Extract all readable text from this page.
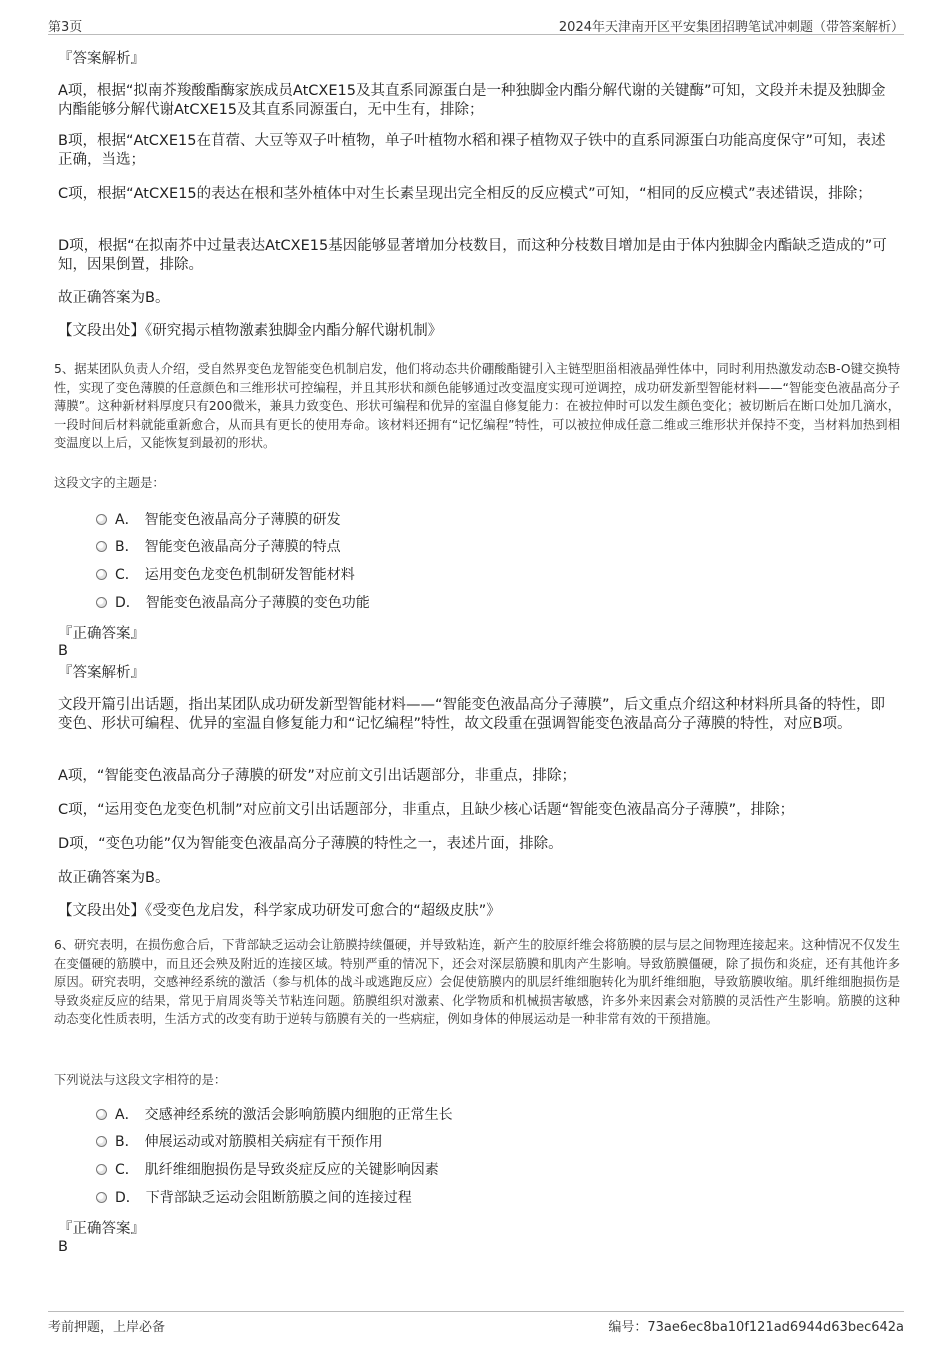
第3页	2024年天津南开区平安集团招聘笔试冲刺题（带答案解析）
『答案解析』
A项，根据“拟南芥羧酸酯酶家族成员AtCXE15及其直系同源蛋白是一种独脚金内酯分解代谢的关键酶”可知，文段并未提及独脚金内酯能够分解代谢AtCXE15及其直系同源蛋白，无中生有，排除；
B项，根据“AtCXE15在苜蓿、大豆等双子叶植物，单子叶植物水稻和裸子植物双子铁中的直系同源蛋白功能高度保守”可知，表述正确，当选；
C项，根据“AtCXE15的表达在根和茎外植体中对生长素呈现出完全相反的反应模式”可知，“相同的反应模式”表述错误，排除；
D项，根据“在拟南芥中过量表达AtCXE15基因能够显著增加分枝数目，而这种分枝数目增加是由于体内独脚金内酯缺乏造成的”可知，因果倒置，排除。
故正确答案为B。
【文段出处】《研究揭示植物激素独脚金内酯分解代谢机制》
5、据某团队负责人介绍，受自然界变色龙智能变色机制启发，他们将动态共价硼酸酯键引入主链型胆甾相液晶弹性体中，同时利用热激发动态B-O键交换特性，实现了变色薄膜的任意颜色和三维形状可控编程，并且其形状和颜色能够通过改变温度实现可逆调控，成功研发新型智能材料——“智能变色液晶高分子薄膜”。这种新材料厚度只有200微米，兼具力致变色、形状可编程和优异的室温自修复能力：在被拉伸时可以发生颜色变化；被切断后在断口处加几滴水，一段时间后材料就能重新愈合，从而具有更长的使用寿命。该材料还拥有“记忆编程”特性，可以被拉伸成任意二维或三维形状并保持不变，当材料加热到相变温度以上后，又能恢复到最初的形状。
这段文字的主题是：
A． 智能变色液晶高分子薄膜的研发
B． 智能变色液晶高分子薄膜的特点
C． 运用变色龙变色机制研发智能材料
D． 智能变色液晶高分子薄膜的变色功能
『正确答案』
B
『答案解析』
文段开篇引出话题，指出某团队成功研发新型智能材料——“智能变色液晶高分子薄膜”，后文重点介绍这种材料所具备的特性，即变色、形状可编程、优异的室温自修复能力和“记忆编程”特性，故文段重在强调智能变色液晶高分子薄膜的特性，对应B项。
A项，“智能变色液晶高分子薄膜的研发”对应前文引出话题部分，非重点，排除；
C项，“运用变色龙变色机制”对应前文引出话题部分，非重点，且缺少核心话题“智能变色液晶高分子薄膜”，排除；
D项，“变色功能”仅为智能变色液晶高分子薄膜的特性之一，表述片面，排除。
故正确答案为B。
【文段出处】《受变色龙启发，科学家成功研发可愈合的“超级皮肤”》
6、研究表明，在损伤愈合后，下背部缺乏运动会让筋膜持续僵硬，并导致粘连，新产生的胶原纤维会将筋膜的层与层之间物理连接起来。这种情况不仅发生在变僵硬的筋膜中，而且还会殃及附近的连接区域。特别严重的情况下，还会对深层筋膜和肌肉产生影响。导致筋膜僵硬，除了损伤和炎症，还有其他许多原因。研究表明，交感神经系统的激活（参与机体的战斗或逃跑反应）会促使筋膜内的肌层纤维细胞转化为肌纤维细胞，导致筋膜收缩。肌纤维细胞损伤是导致炎症反应的结果，常见于肩周炎等关节粘连问题。筋膜组织对激素、化学物质和机械损害敏感，许多外来因素会对筋膜的灵活性产生影响。筋膜的这种动态变化性质表明，生活方式的改变有助于逆转与筋膜有关的一些病症，例如身体的伸展运动是一种非常有效的干预措施。
下列说法与这段文字相符的是：
A． 交感神经系统的激活会影响筋膜内细胞的正常生长
B． 伸展运动或对筋膜相关病症有干预作用
C． 肌纤维细胞损伤是导致炎症反应的关键影响因素
D． 下背部缺乏运动会阻断筋膜之间的连接过程
『正确答案』
B
考前押题，上岸必备	编号：73ae6ec8ba10f121ad6944d63bec642a
